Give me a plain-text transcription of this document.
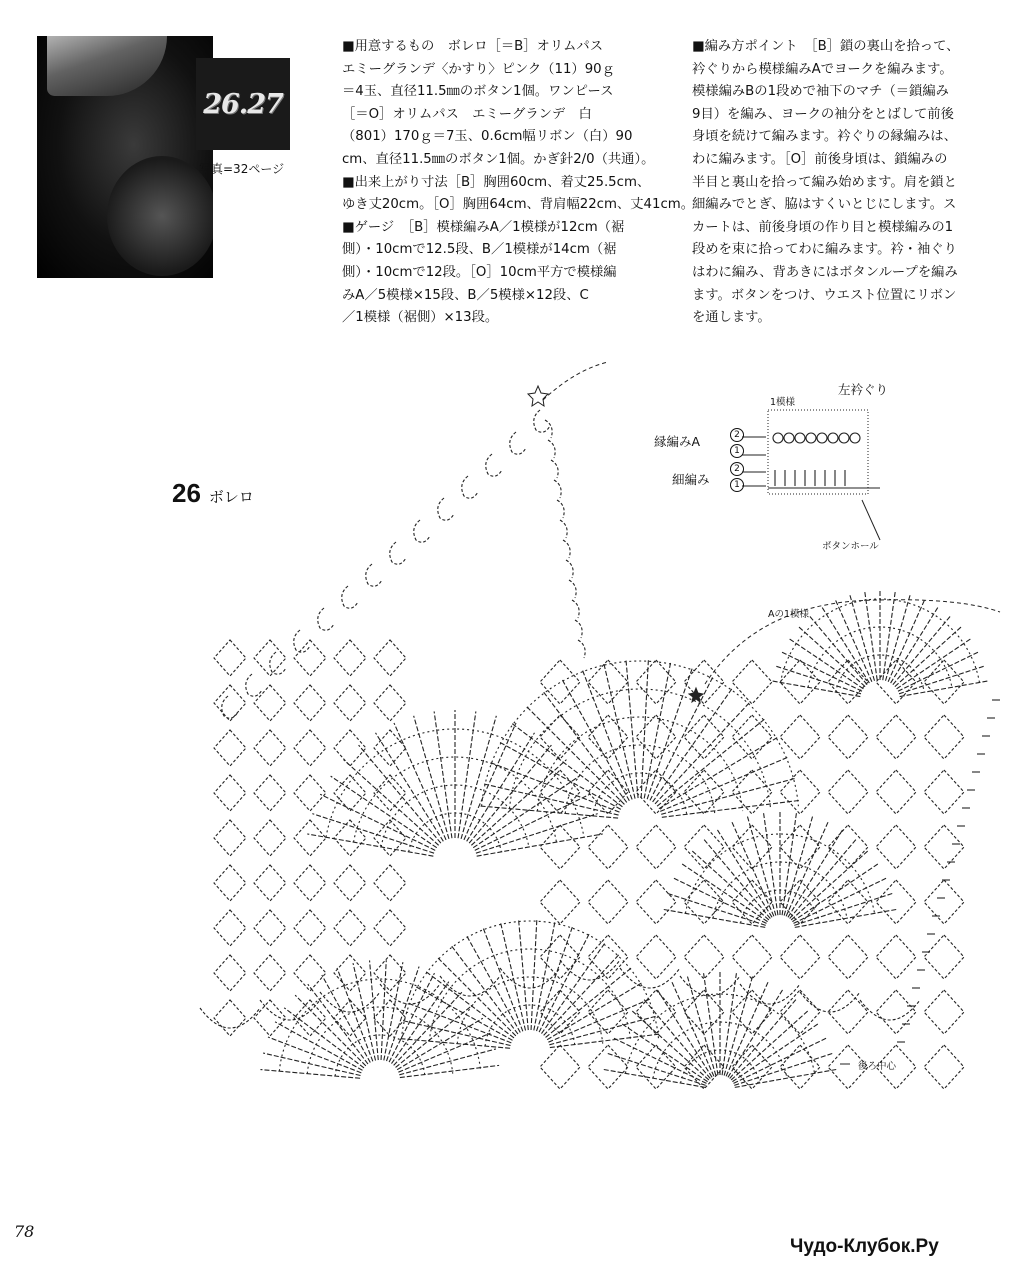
26.27
写真=32ページ
■用意するもの　ボレロ［＝B］オリムパス
エミーグランデ〈かすり〉ピンク（11）90ｇ
＝4玉、直径11.5㎜のボタン1個。ワンピース
［＝O］オリムパス　エミーグランデ　白
（801）170ｇ＝7玉、0.6cm幅リボン（白）90
cm、直径11.5㎜のボタン1個。かぎ針2/0（共通）。
■出来上がり寸法［B］胸囲60cm、着丈25.5cm、
ゆき丈20cm。［O］胸囲64cm、背肩幅22cm、丈41cm。
■ゲージ　［B］模様編みA／1模様が12cm（裾
側）・10cmで12.5段、B／1模様が14cm（裾
側）・10cmで12段。［O］10cm平方で模様編
みA／5模様×15段、B／5模様×12段、C
／1模様（裾側）×13段。
■編み方ポイント　［B］鎖の裏山を拾って、
衿ぐりから模様編みAでヨークを編みます。
模様編みBの1段めで袖下のマチ（＝鎖編み
9目）を編み、ヨークの袖分をとばして前後
身頃を続けて編みます。衿ぐりの縁編みは、
わに編みます。［O］前後身頃は、鎖編みの
半目と裏山を拾って編み始めます。肩を鎖と
細編みでとぎ、脇はすくいとじにします。ス
カートは、前後身頃の作り目と模様編みの1
段めを束に拾ってわに編みます。衿・袖ぐり
はわに編み、背あきにはボタンループを編み
ます。ボタンをつけ、ウエスト位置にリボン
を通します。
26 ボレロ
左衿ぐり
1模様
縁編みA
細編み
2
1
2
1
ボタンホール
Aの1模様
後ろ中心
78
Чудо-Клубок.Ру
